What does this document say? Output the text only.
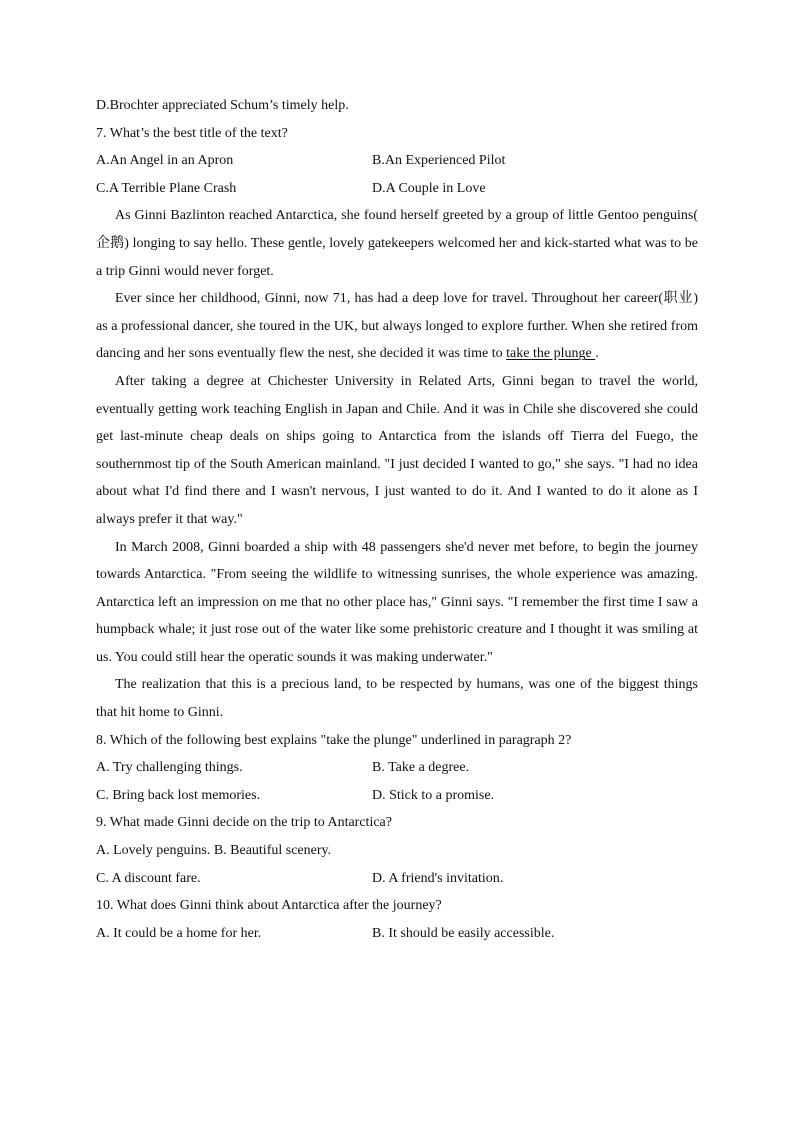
D.Brochter appreciated Schum’s timely help.
7. What’s the best title of the text?
A.An Angel in an Apron	B.An Experienced Pilot
C.A Terrible Plane Crash	D.A Couple in Love

As Ginni Bazlinton reached Antarctica, she found herself greeted by a group of little Gentoo penguins( 企鹅) longing to say hello. These gentle, lovely gatekeepers welcomed her and kick-started what was to be a trip Ginni would never forget.

Ever since her childhood, Ginni, now 71, has had a deep love for travel. Throughout her career(职业) as a professional dancer, she toured in the UK, but always longed to explore further. When she retired from dancing and her sons eventually flew the nest, she decided it was time to take the plunge .

After taking a degree at Chichester University in Related Arts, Ginni began to travel the world, eventually getting work teaching English in Japan and Chile. And it was in Chile she discovered she could get last-minute cheap deals on ships going to Antarctica from the islands off Tierra del Fuego, the southernmost tip of the South American mainland. "I just decided I wanted to go," she says. "I had no idea about what I'd find there and I wasn't nervous, I just wanted to do it. And I wanted to do it alone as I always prefer it that way."

In March 2008, Ginni boarded a ship with 48 passengers she'd never met before, to begin the journey towards Antarctica. "From seeing the wildlife to witnessing sunrises, the whole experience was amazing. Antarctica left an impression on me that no other place has," Ginni says. "I remember the first time I saw a humpback whale; it just rose out of the water like some prehistoric creature and I thought it was smiling at us. You could still hear the operatic sounds it was making underwater."

The realization that this is a precious land, to be respected by humans, was one of the biggest things that hit home to Ginni.

8. Which of the following best explains "take the plunge" underlined in paragraph 2?
A. Try challenging things.	B. Take a degree.
C. Bring back lost memories.	D. Stick to a promise.
9. What made Ginni decide on the trip to Antarctica?
A. Lovely penguins. B. Beautiful scenery.
C. A discount fare.	D. A friend's invitation.
10. What does Ginni think about Antarctica after the journey?
A. It could be a home for her.	B. It should be easily accessible.
